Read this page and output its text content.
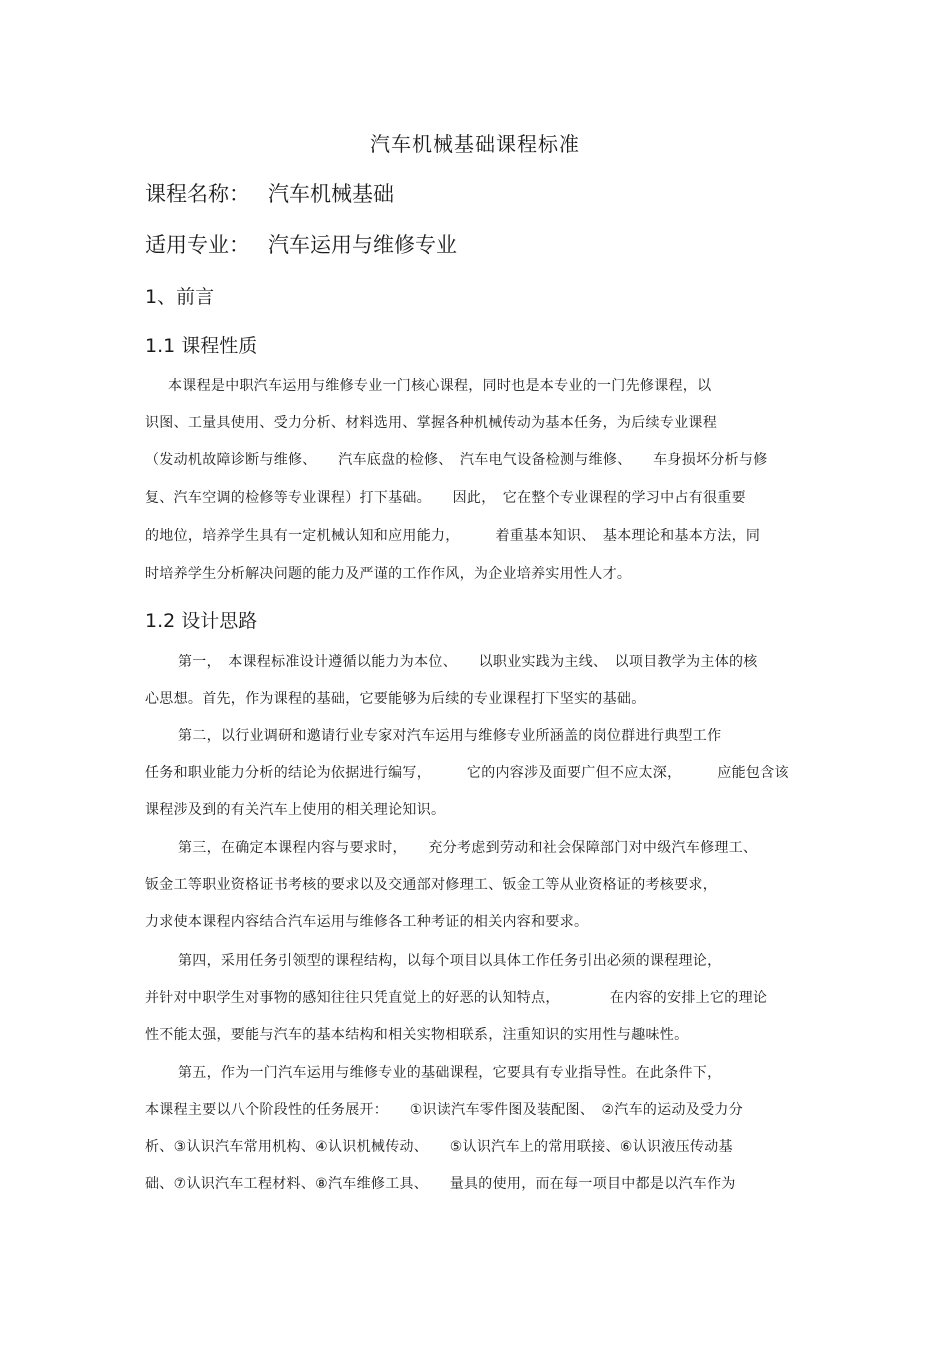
汽车机械基础课程标准
课程名称： 汽车机械基础
适用专业： 汽车运用与维修专业
1、前言
1.1 课程性质
本课程是中职汽车运用与维修专业一门核心课程，同时也是本专业的一门先修课程，以
识图、工量具使用、受力分析、材料选用、掌握各种机械传动为基本任务，为后续专业课程
（发动机故障诊断与维修、　　汽车底盘的检修、　汽车电气设备检测与维修、　　车身损坏分析与修
复、汽车空调的检修等专业课程）打下基础。　　因此，　它在整个专业课程的学习中占有很重要
的地位，培养学生具有一定机械认知和应用能力，　　　着重基本知识、　基本理论和基本方法，同
时培养学生分析解决问题的能力及严谨的工作作风，为企业培养实用性人才。
1.2 设计思路
第一，　本课程标准设计遵循以能力为本位、　　以职业实践为主线、　以项目教学为主体的核
心思想。首先，作为课程的基础，它要能够为后续的专业课程打下坚实的基础。
第二，以行业调研和邀请行业专家对汽车运用与维修专业所涵盖的岗位群进行典型工作
任务和职业能力分析的结论为依据进行编写，　　　它的内容涉及面要广但不应太深，　　　应能包含该
课程涉及到的有关汽车上使用的相关理论知识。
第三，在确定本课程内容与要求时，　　充分考虑到劳动和社会保障部门对中级汽车修理工、
钣金工等职业资格证书考核的要求以及交通部对修理工、钣金工等从业资格证的考核要求，
力求使本课程内容结合汽车运用与维修各工种考证的相关内容和要求。
第四，采用任务引领型的课程结构，以每个项目以具体工作任务引出必须的课程理论，
并针对中职学生对事物的感知往往只凭直觉上的好恶的认知特点，　　　　在内容的安排上它的理论
性不能太强，要能与汽车的基本结构和相关实物相联系，注重知识的实用性与趣味性。
第五，作为一门汽车运用与维修专业的基础课程，它要具有专业指导性。在此条件下，
本课程主要以八个阶段性的任务展开：　　①识读汽车零件图及装配图、　②汽车的运动及受力分
析、③认识汽车常用机构、④认识机械传动、　　⑤认识汽车上的常用联接、⑥认识液压传动基
础、⑦认识汽车工程材料、⑧汽车维修工具、　　量具的使用，而在每一项目中都是以汽车作为
